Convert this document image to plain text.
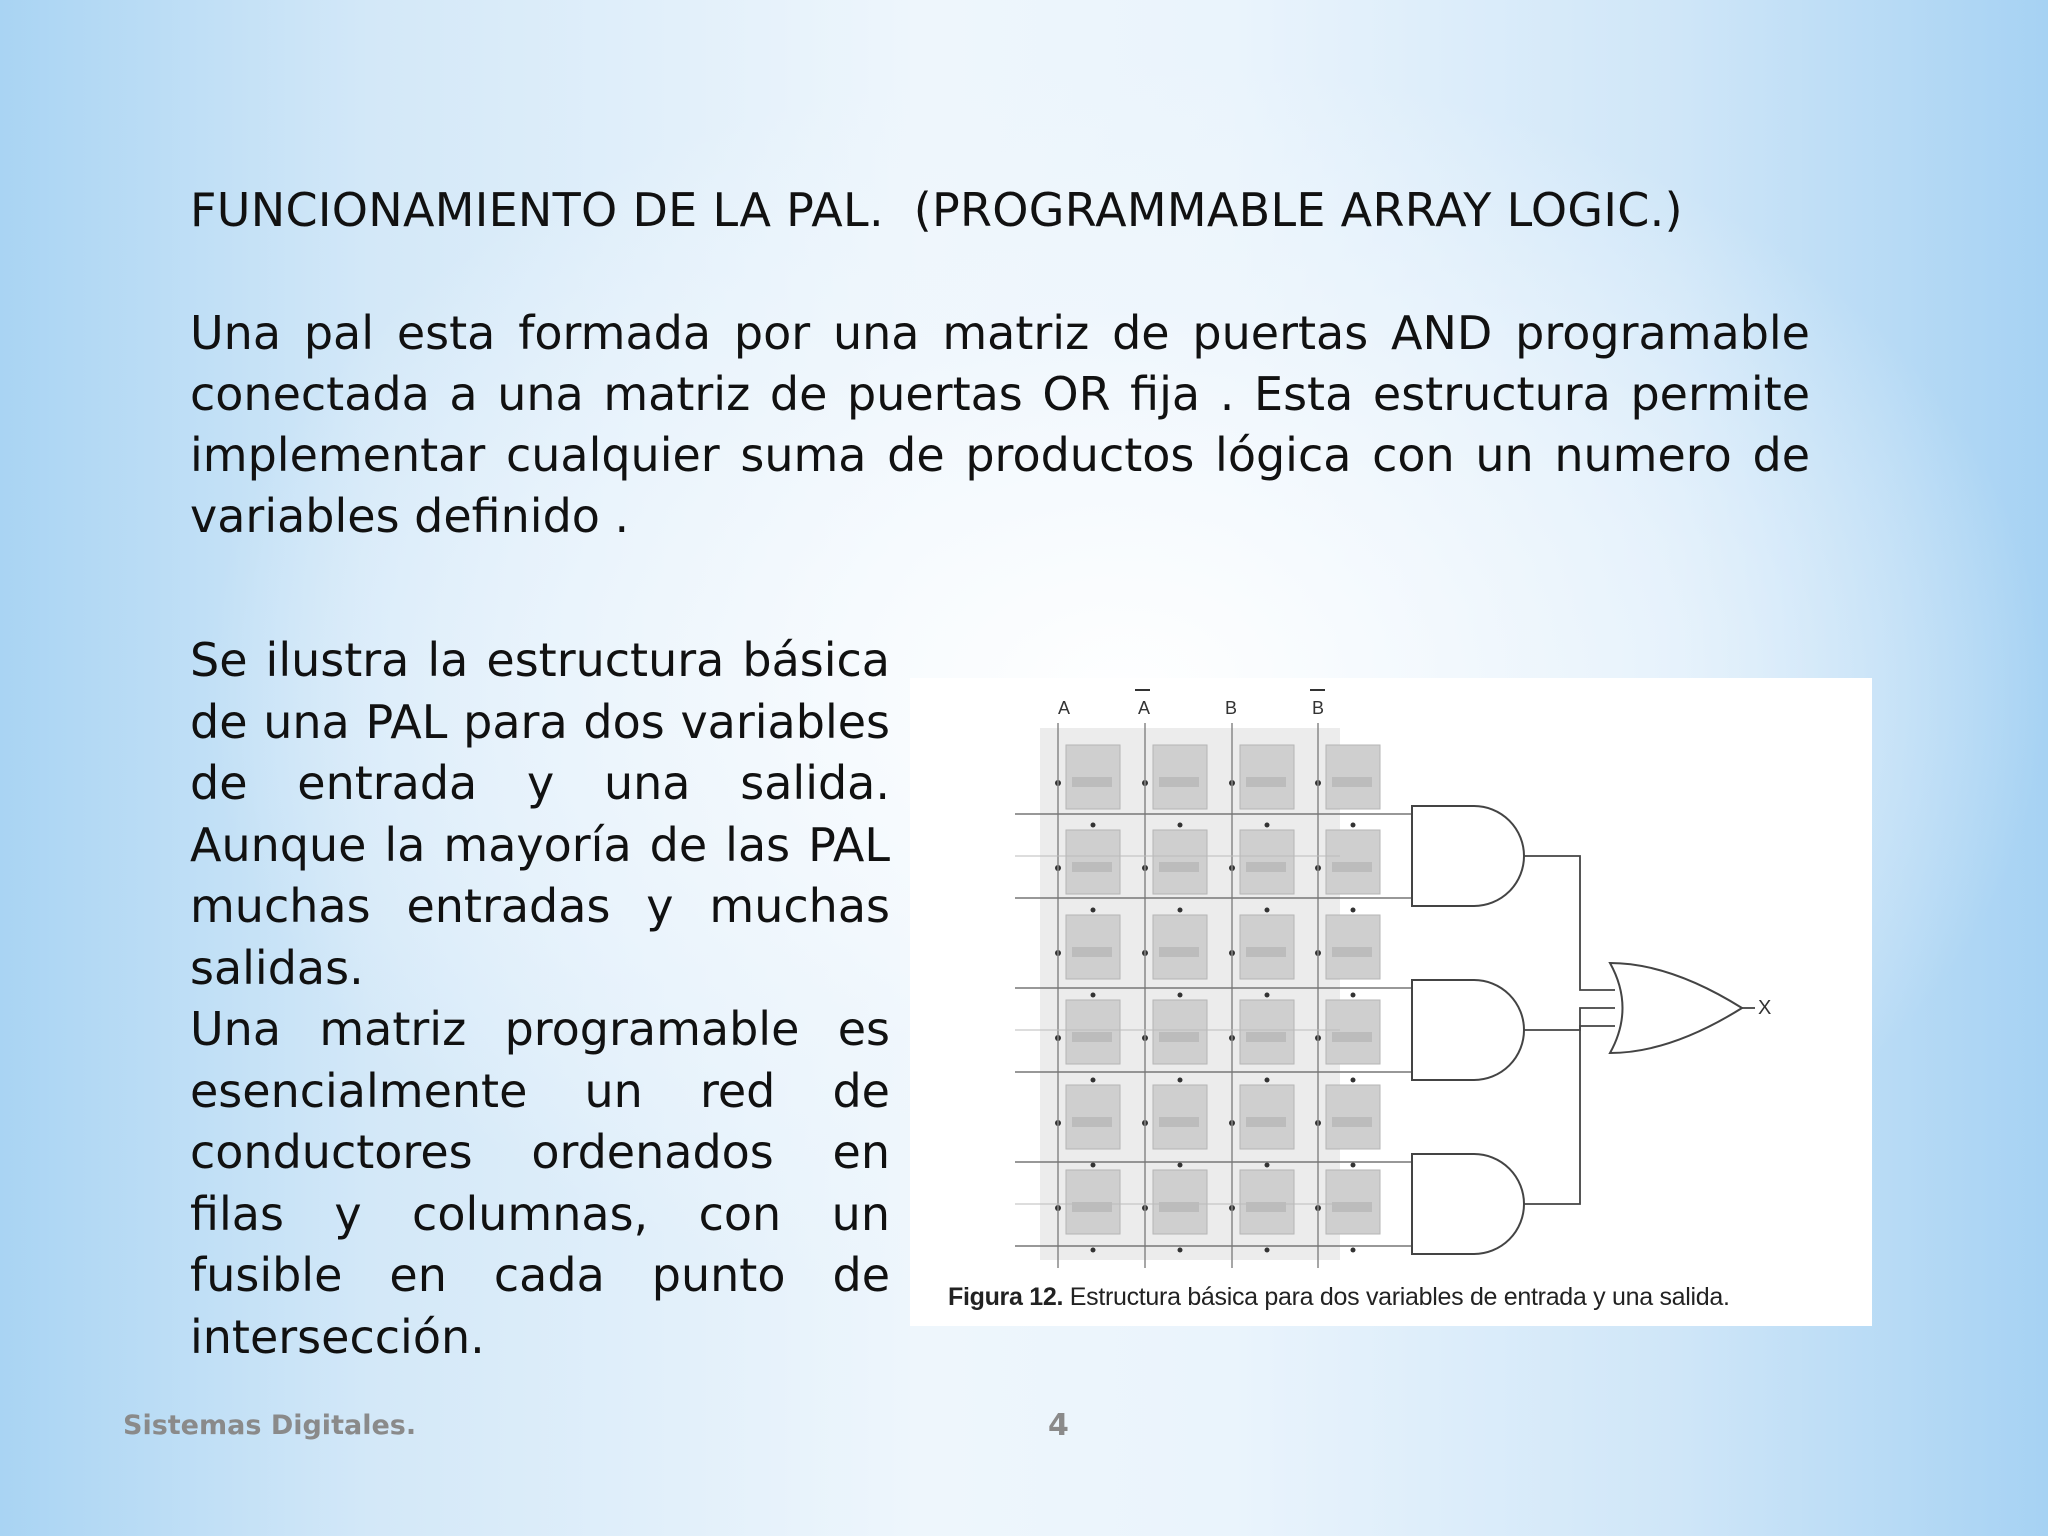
FUNCIONAMIENTO DE LA PAL.  (PROGRAMMABLE ARRAY LOGIC.)

Una pal esta formada por una matriz de puertas AND programable conectada a una matriz de puertas OR fija . Esta estructura permite implementar cualquier suma de productos lógica con un numero de variables definido .

Se ilustra la estructura básica de una PAL para dos variables de entrada y una salida. Aunque la mayoría de las PAL muchas entradas y muchas salidas.

Una matriz programable es esencialmente un red de conductores ordenados en filas y columnas, con un fusible en cada punto de intersección.

A	A	B	B
X

Figura 12. Estructura básica para dos variables de entrada y una salida.

Sistemas Digitales.	4
